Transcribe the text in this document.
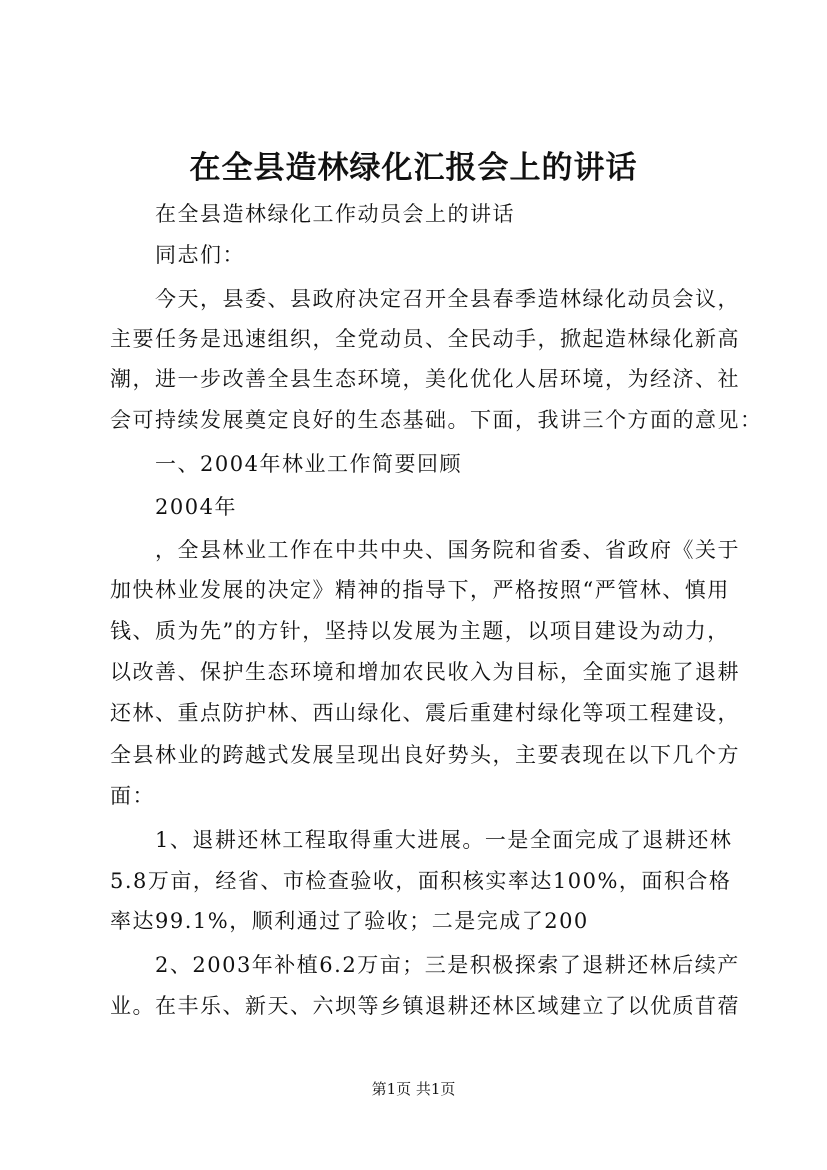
在全县造林绿化汇报会上的讲话
在全县造林绿化工作动员会上的讲话
同志们：
今天，县委、县政府决定召开全县春季造林绿化动员会议，
主要任务是迅速组织，全党动员、全民动手，掀起造林绿化新高
潮，进一步改善全县生态环境，美化优化人居环境，为经济、社
会可持续发展奠定良好的生态基础。下面，我讲三个方面的意见：
一、2004年林业工作简要回顾
2004年
，全县林业工作在中共中央、国务院和省委、省政府《关于
加快林业发展的决定》精神的指导下，严格按照“严管林、慎用
钱、质为先”的方针，坚持以发展为主题，以项目建设为动力，
以改善、保护生态环境和增加农民收入为目标，全面实施了退耕
还林、重点防护林、西山绿化、震后重建村绿化等项工程建设，
全县林业的跨越式发展呈现出良好势头，主要表现在以下几个方
面：
1、退耕还林工程取得重大进展。一是全面完成了退耕还林
5.8万亩，经省、市检查验收，面积核实率达100%，面积合格
率达99.1%，顺利通过了验收；二是完成了200
2、2003年补植6.2万亩；三是积极探索了退耕还林后续产
业。在丰乐、新天、六坝等乡镇退耕还林区域建立了以优质苜蓿
第1页 共1页
